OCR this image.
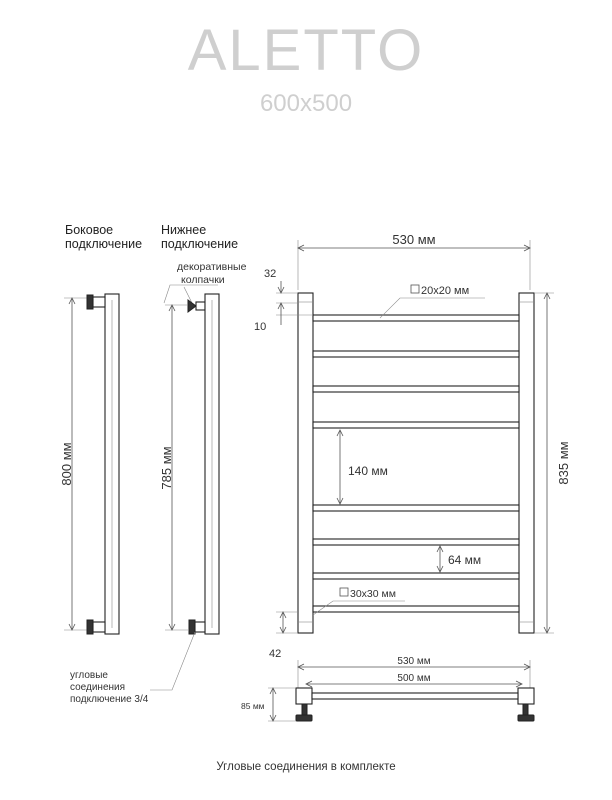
ALETTO
600x500
Боковое
подключение
Нижнее
подключение
800 мм
декоративные
колпачки
785 мм
угловые
соединения
подключение 3/4
530 мм
835 мм
32
10
20x20 мм
140 мм
64 мм
30x30 мм
42
530 мм
500 мм
85 мм
Угловые соединения в комплекте
